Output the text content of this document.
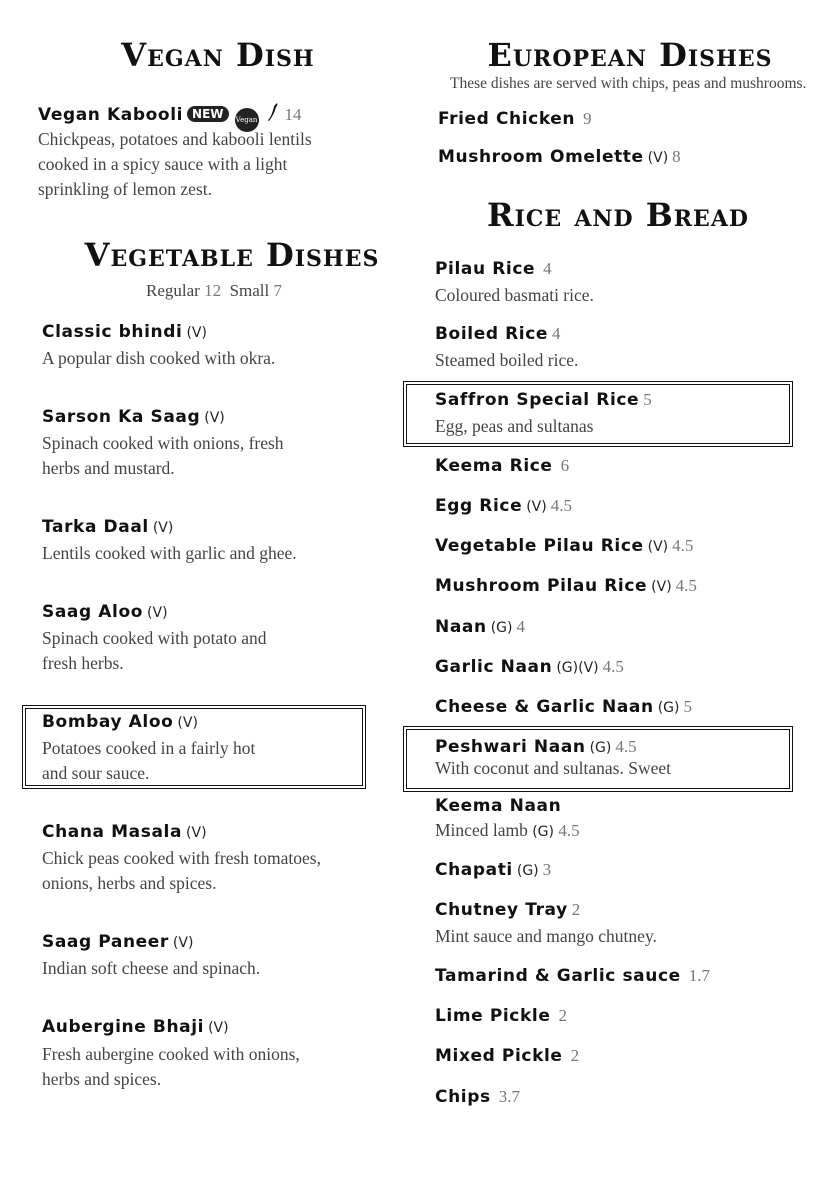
Vegan Dish
Vegan Kabooli NEW Vegan 14
Chickpeas, potatoes and kabooli lentils cooked in a spicy sauce with a light sprinkling of lemon zest.
Vegetable Dishes
Regular 12 Small 7
Classic bhindi (V)
A popular dish cooked with okra.
Sarson Ka Saag (V)
Spinach cooked with onions, fresh herbs and mustard.
Tarka Daal (V)
Lentils cooked with garlic and ghee.
Saag Aloo (V)
Spinach cooked with potato and fresh herbs.
Bombay Aloo (V)
Potatoes cooked in a fairly hot and sour sauce.
Chana Masala (V)
Chick peas cooked with fresh tomatoes, onions, herbs and spices.
Saag Paneer (V)
Indian soft cheese and spinach.
Aubergine Bhaji (V)
Fresh aubergine cooked with onions, herbs and spices.
European Dishes
These dishes are served with chips, peas and mushrooms.
Fried Chicken 9
Mushroom Omelette (V) 8
Rice and Bread
Pilau Rice 4
Coloured basmati rice.
Boiled Rice 4
Steamed boiled rice.
Saffron Special Rice 5
Egg, peas and sultanas
Keema Rice 6
Egg Rice (V) 4.5
Vegetable Pilau Rice (V) 4.5
Mushroom Pilau Rice (V) 4.5
Naan (G) 4
Garlic Naan (G)(V) 4.5
Cheese & Garlic Naan (G) 5
Peshwari Naan (G) 4.5
With coconut and sultanas. Sweet
Keema Naan
Minced lamb (G) 4.5
Chapati (G) 3
Chutney Tray 2
Mint sauce and mango chutney.
Tamarind & Garlic sauce 1.7
Lime Pickle 2
Mixed Pickle 2
Chips 3.7
